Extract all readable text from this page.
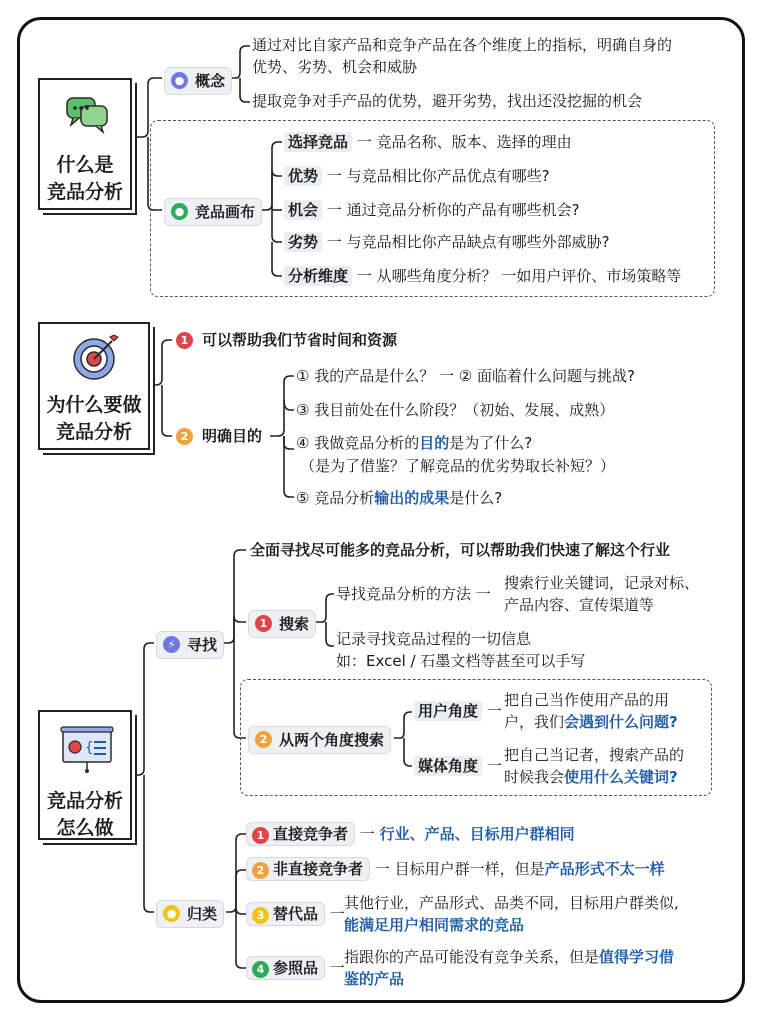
什么是
竞品分析
● 概念
通过对比自家产品和竞争产品在各个维度上的指标，明确自身的
优势、劣势、机会和威胁
提取竞争对手产品的优势，避开劣势，找出还没挖掘的机会
● 竞品画布
选择竞品 一 竞品名称、版本、选择的理由
优势 一 与竞品相比你产品优点有哪些?
机会 一 通过竞品分析你的产品有哪些机会?
劣势 一 与竞品相比你产品缺点有哪些外部威胁?
分析维度 一 从哪些角度分析？ 一如用户评价、市场策略等
为什么要做
竞品分析
1 可以帮助我们节省时间和资源
2 明确目的
① 我的产品是什么？ 一 ② 面临着什么问题与挑战?
③ 我目前处在什么阶段？（初始、发展、成熟）
④ 我做竞品分析的目的是为了什么?
（是为了借鉴？了解竞品的优劣势取长补短？）
⑤ 竞品分析输出的成果是什么?
{
竞品分析
怎么做
⚡ 寻找
全面寻找尽可能多的竞品分析，可以帮助我们快速了解这个行业
1 搜索
导找竞品分析的方法 一
搜索行业关键词，记录对标、
产品内容、宣传渠道等
记录寻找竞品过程的一切信息
如：Excel / 石墨文档等甚至可以手写
2 从两个角度搜索
用户角度 一
把自己当作使用产品的用
户，我们会遇到什么问题?
媒体角度 一
把自己当记者，搜索产品的
时候我会使用什么关键词?
● 归类
1 直接竞争者 一 行业、产品、目标用户群相同
2 非直接竞争者 一 目标用户群一样，但是产品形式不太一样
3 替代品 一
其他行业，产品形式、品类不同，目标用户群类似,
能满足用户相同需求的竞品
4 参照品 一
指跟你的产品可能没有竞争关系，但是值得学习借
鉴的产品
